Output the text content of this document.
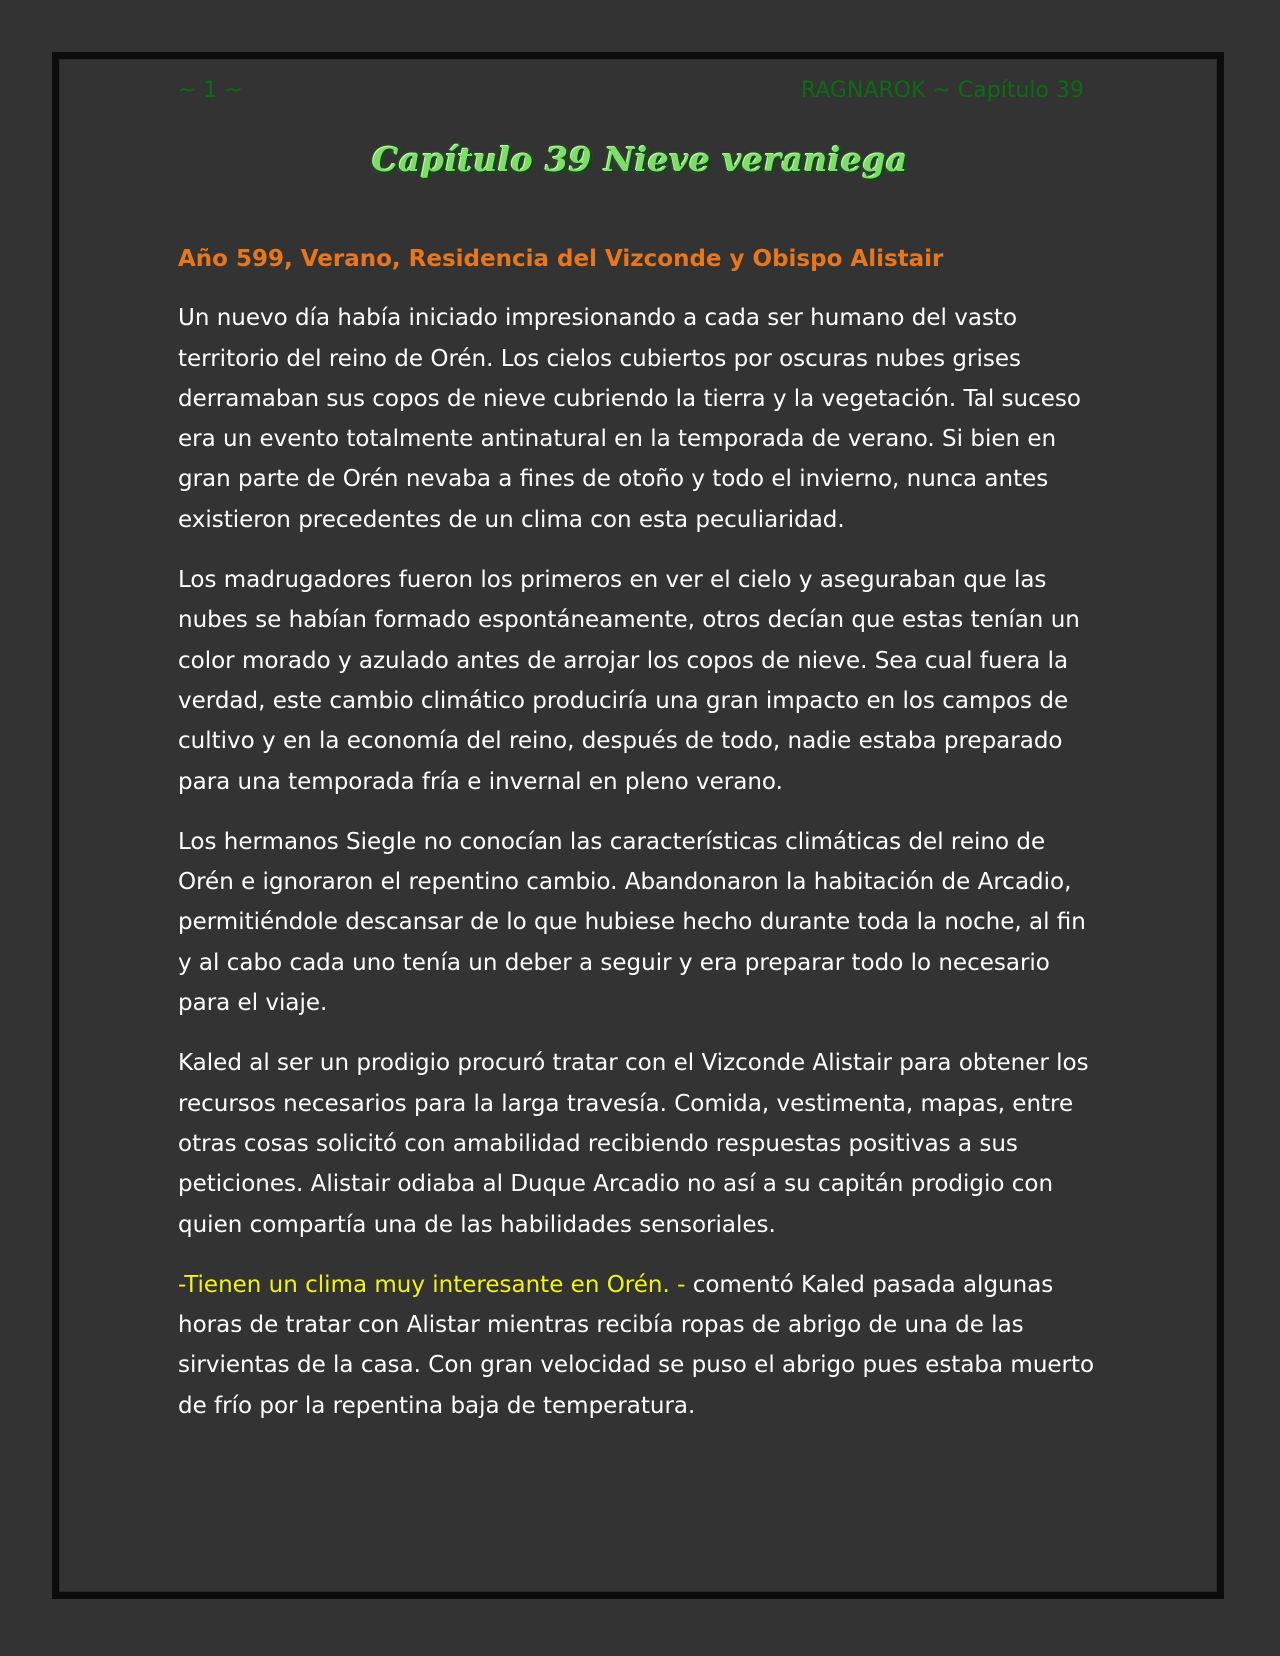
~ 1 ~	RAGNAROK ~ Capítulo 39
Capítulo 39 Nieve veraniega
Año 599, Verano, Residencia del Vizconde y Obispo Alistair

Un nuevo día había iniciado impresionando a cada ser humano del vasto territorio del reino de Orén. Los cielos cubiertos por oscuras nubes grises derramaban sus copos de nieve cubriendo la tierra y la vegetación. Tal suceso era un evento totalmente antinatural en la temporada de verano. Si bien en gran parte de Orén nevaba a fines de otoño y todo el invierno, nunca antes existieron precedentes de un clima con esta peculiaridad.

Los madrugadores fueron los primeros en ver el cielo y aseguraban que las nubes se habían formado espontáneamente, otros decían que estas tenían un color morado y azulado antes de arrojar los copos de nieve. Sea cual fuera la verdad, este cambio climático produciría una gran impacto en los campos de cultivo y en la economía del reino, después de todo, nadie estaba preparado para una temporada fría e invernal en pleno verano.

Los hermanos Siegle no conocían las características climáticas del reino de Orén e ignoraron el repentino cambio. Abandonaron la habitación de Arcadio, permitiéndole descansar de lo que hubiese hecho durante toda la noche, al fin y al cabo cada uno tenía un deber a seguir y era preparar todo lo necesario para el viaje.

Kaled al ser un prodigio procuró tratar con el Vizconde Alistair para obtener los recursos necesarios para la larga travesía. Comida, vestimenta, mapas, entre otras cosas solicitó con amabilidad recibiendo respuestas positivas a sus peticiones. Alistair odiaba al Duque Arcadio no así a su capitán prodigio con quien compartía una de las habilidades sensoriales.

-Tienen un clima muy interesante en Orén. - comentó Kaled pasada algunas horas de tratar con Alistar mientras recibía ropas de abrigo de una de las sirvientas de la casa. Con gran velocidad se puso el abrigo pues estaba muerto de frío por la repentina baja de temperatura.
